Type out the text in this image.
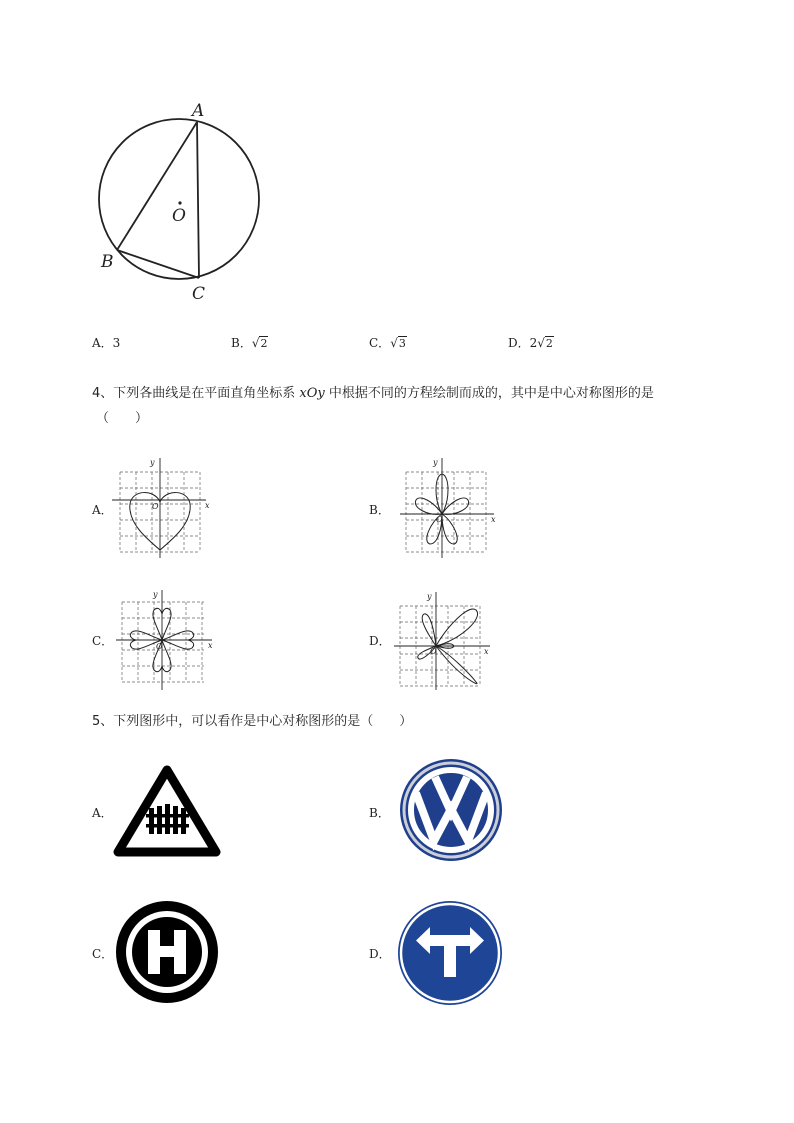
A
B
C
O
A．3	B．√2	C．√3	D．2√2
4、下列各曲线是在平面直角坐标系 xOy 中根据不同的方程绘制而成的，其中是中心对称图形的是
（　　）
A．	B．
C．	D．
y
x
O
y
x
O
y
x
O
y
x
O
5、下列图形中，可以看作是中心对称图形的是（　　）
A．	B．
C．	D．
